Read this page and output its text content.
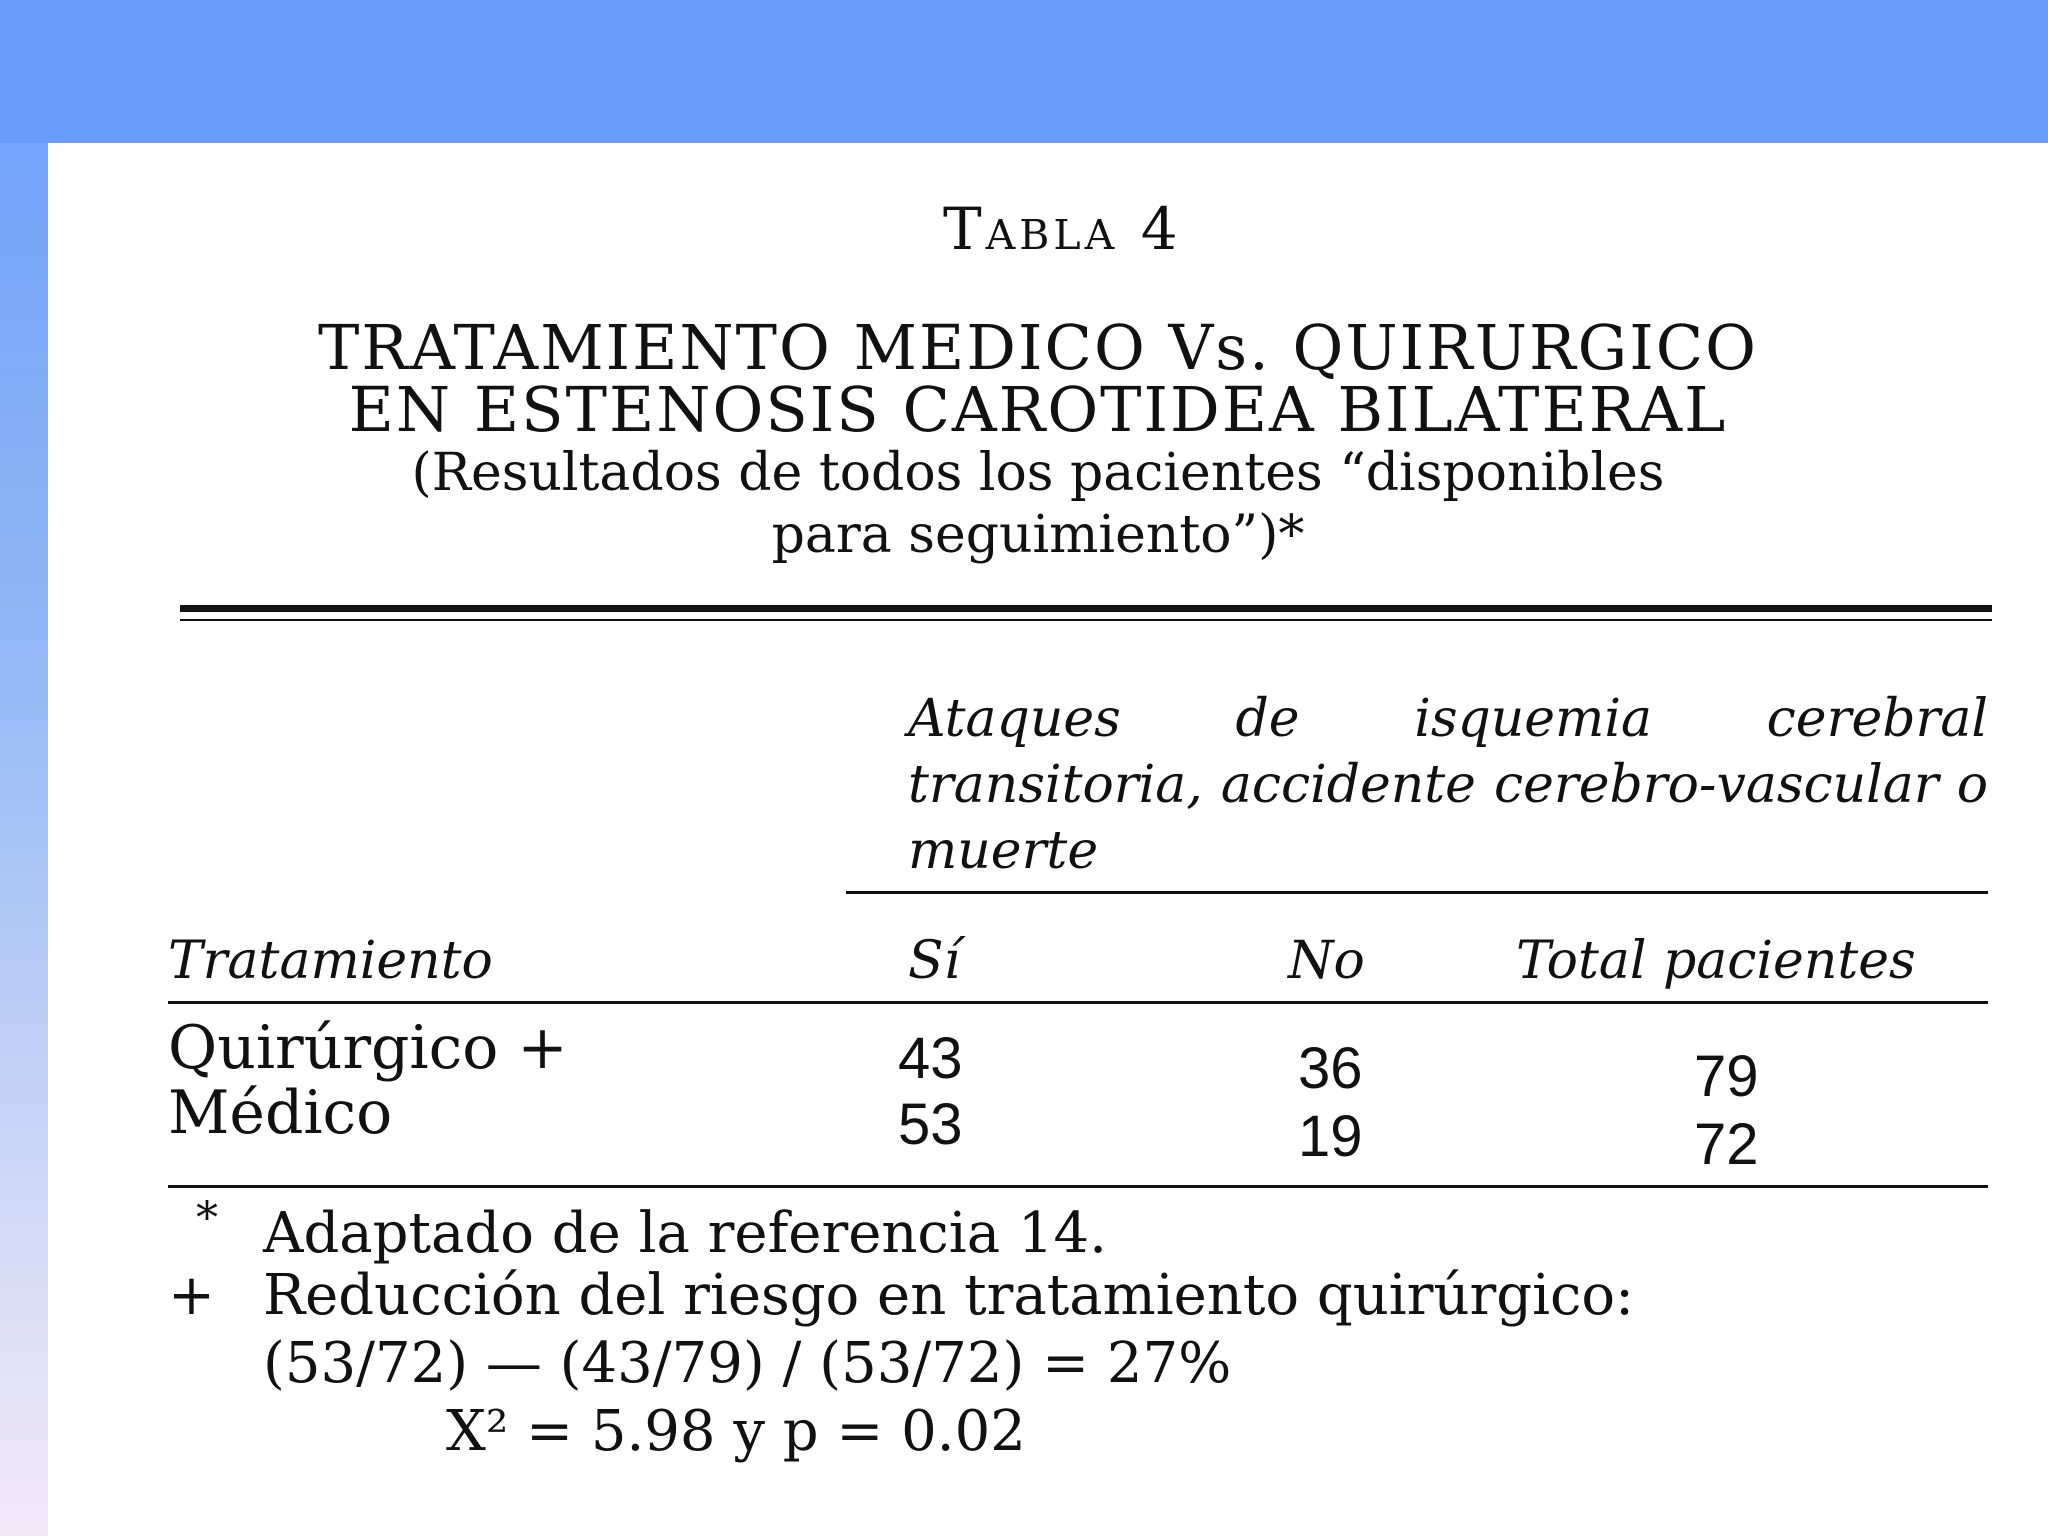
Tabla 4
TRATAMIENTO MEDICO Vs. QUIRURGICO
EN ESTENOSIS CAROTIDEA BILATERAL
(Resultados de todos los pacientes “disponibles
para seguimiento”)*
Ataques de isquemia cerebral transitoria, accidente cerebro-vascular o muerte
Tratamiento	Sí	No	Total pacientes
Quirúrgico +	43	36	79
Médico	53	19	72
* Adaptado de la referencia 14.
+ Reducción del riesgo en tratamiento quirúrgico:
(53/72) — (43/79) / (53/72) = 27%
X² = 5.98 y p = 0.02
